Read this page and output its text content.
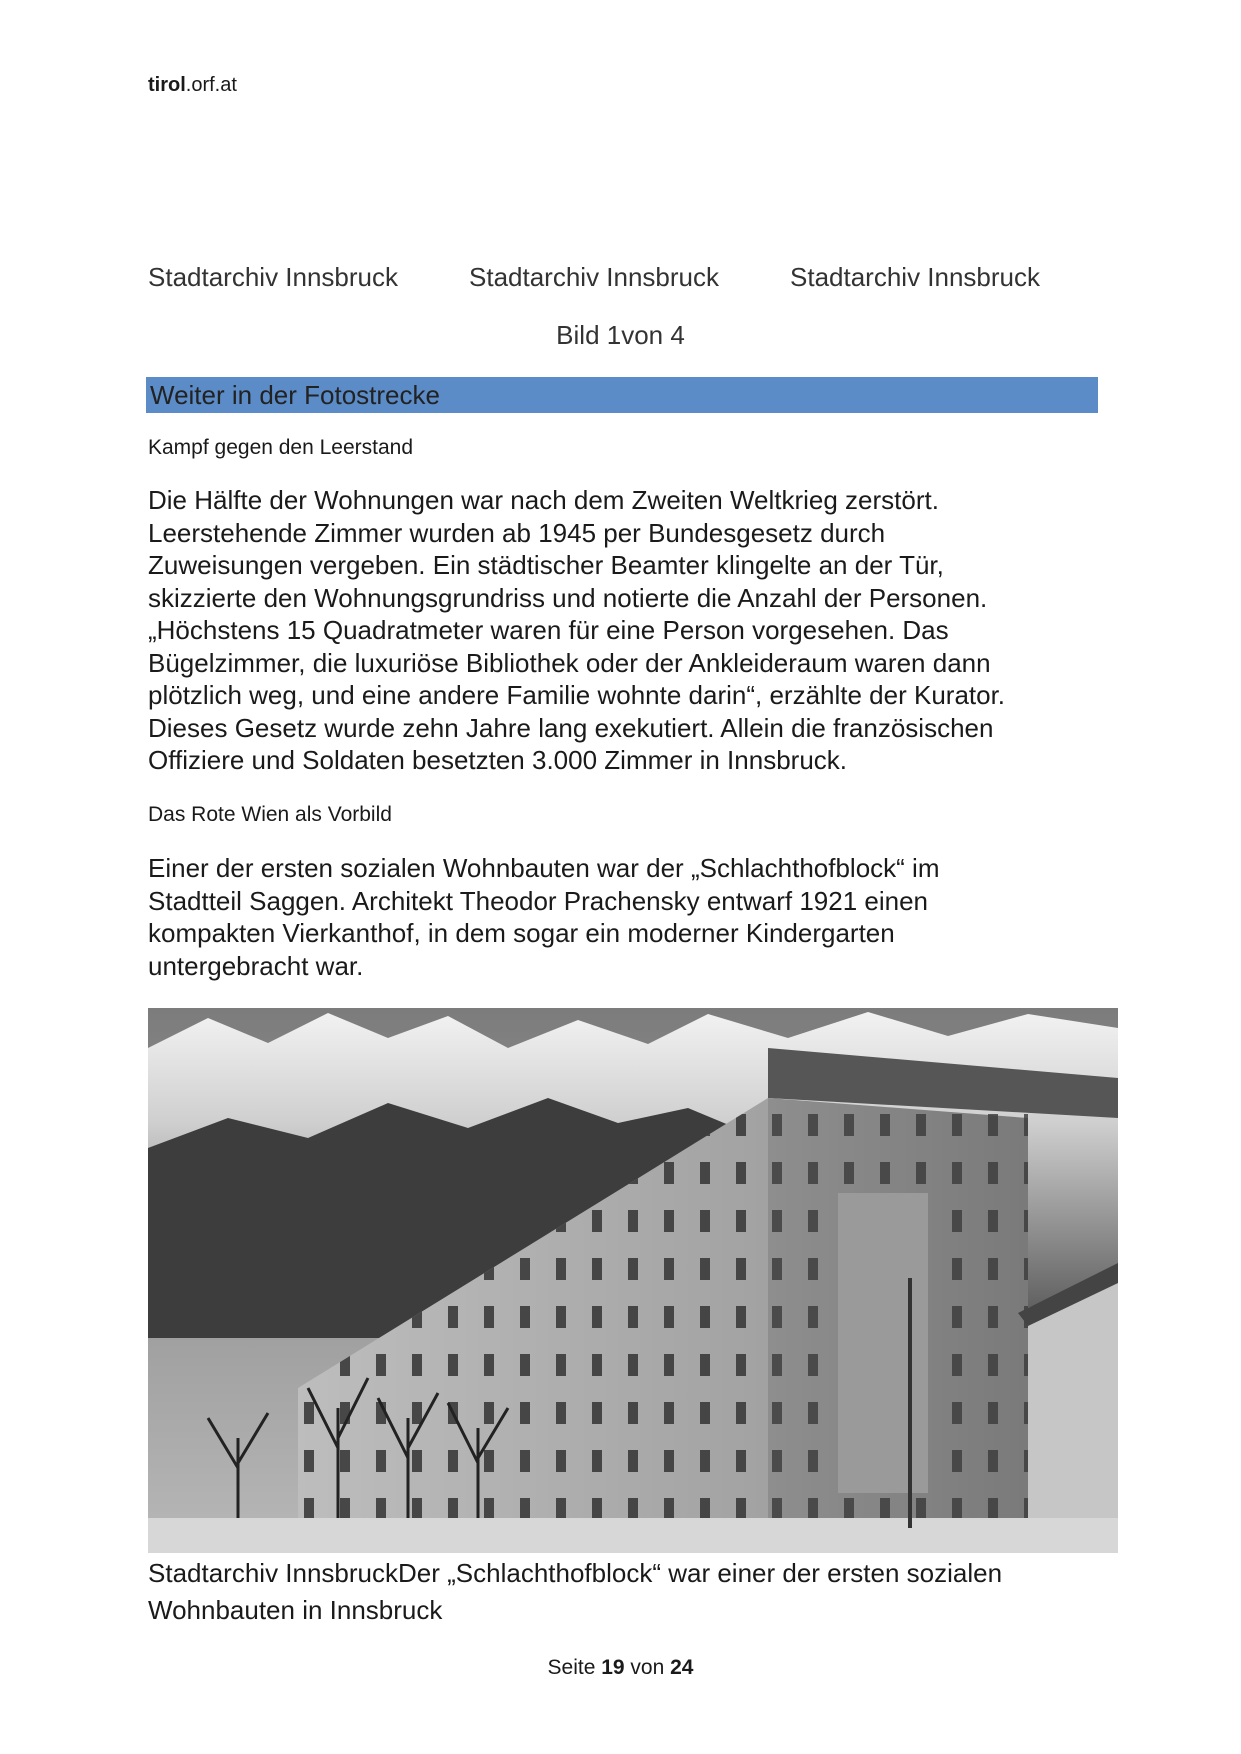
tirol.orf.at
Stadtarchiv Innsbruck	Stadtarchiv Innsbruck	Stadtarchiv Innsbruck
Bild 1von 4
Weiter in der Fotostrecke
Kampf gegen den Leerstand
Die Hälfte der Wohnungen war nach dem Zweiten Weltkrieg zerstört.
Leerstehende Zimmer wurden ab 1945 per Bundesgesetz durch
Zuweisungen vergeben. Ein städtischer Beamter klingelte an der Tür,
skizzierte den Wohnungsgrundriss und notierte die Anzahl der Personen.
„Höchstens 15 Quadratmeter waren für eine Person vorgesehen. Das
Bügelzimmer, die luxuriöse Bibliothek oder der Ankleideraum waren dann
plötzlich weg, und eine andere Familie wohnte darin“, erzählte der Kurator.
Dieses Gesetz wurde zehn Jahre lang exekutiert. Allein die französischen
Offiziere und Soldaten besetzten 3.000 Zimmer in Innsbruck.
Das Rote Wien als Vorbild
Einer der ersten sozialen Wohnbauten war der „Schlachthofblock“ im
Stadtteil Saggen. Architekt Theodor Prachensky entwarf 1921 einen
kompakten Vierkanthof, in dem sogar ein moderner Kindergarten
untergebracht war.
Stadtarchiv InnsbruckDer „Schlachthofblock“ war einer der ersten sozialen
Wohnbauten in Innsbruck
Seite 19 von 24
